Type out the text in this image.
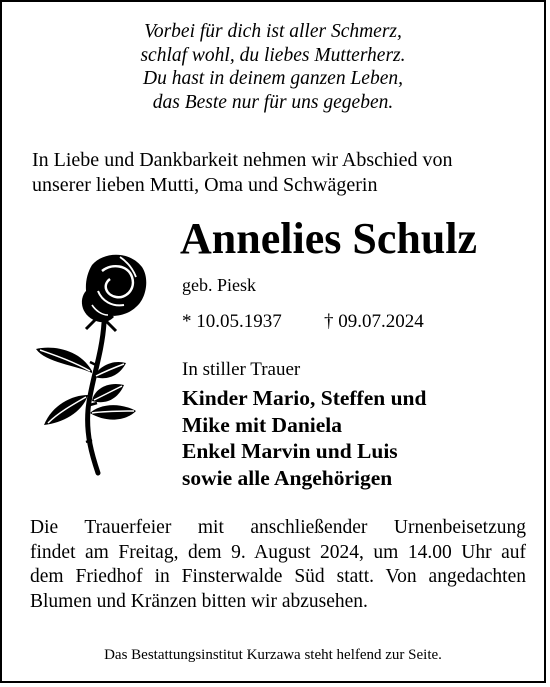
Vorbei für dich ist aller Schmerz,
schlaf wohl, du liebes Mutterherz.
Du hast in deinem ganzen Leben,
das Beste nur für uns gegeben.
In Liebe und Dankbarkeit nehmen wir Abschied von
unserer lieben Mutti, Oma und Schwägerin
Annelies Schulz
geb. Piesk
* 10.05.1937 † 09.07.2024
In stiller Trauer
Kinder Mario, Steffen und
Mike mit Daniela
Enkel Marvin und Luis
sowie alle Angehörigen
Die Trauerfeier mit anschließender Urnenbeisetzung
findet am Freitag, dem 9. August 2024, um 14.00 Uhr auf
dem Friedhof in Finsterwalde Süd statt. Von angedachten
Blumen und Kränzen bitten wir abzusehen.
Das Bestattungsinstitut Kurzawa steht helfend zur Seite.
